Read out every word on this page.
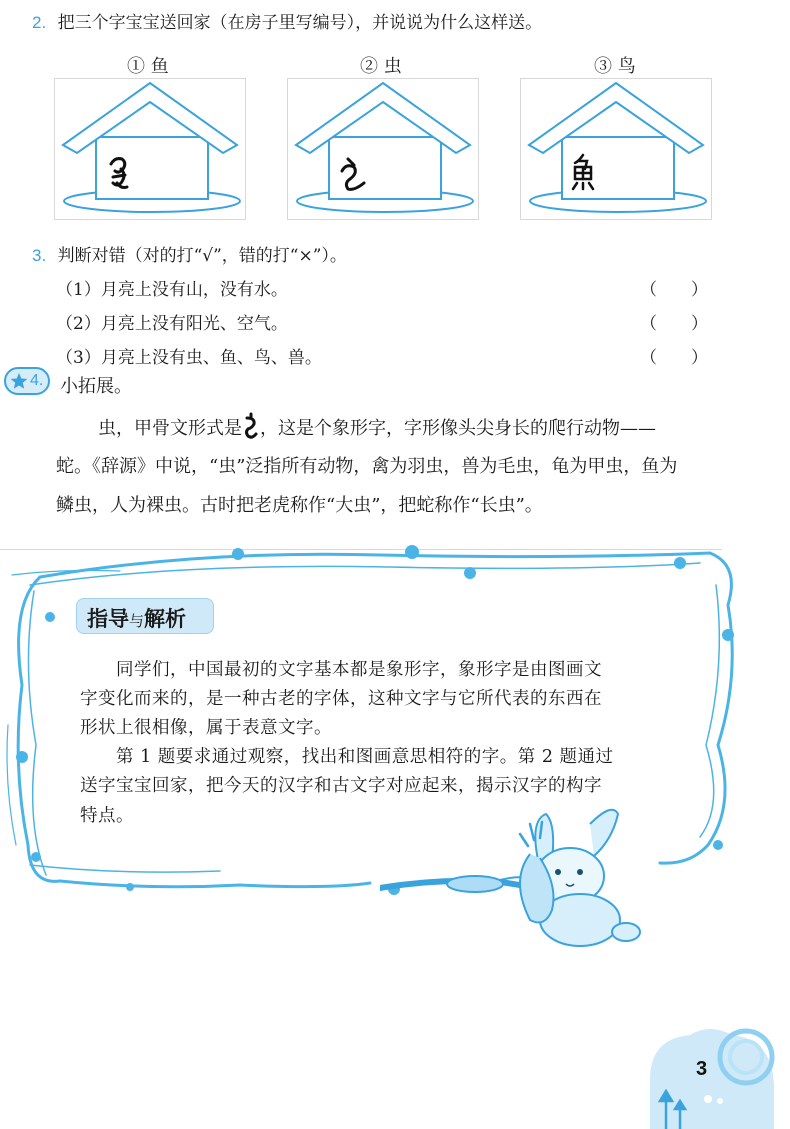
2. 把三个字宝宝送回家（在房子里写编号），并说说为什么这样送。
① 鱼	② 虫	③ 鸟
3. 判断对错（对的打“√”，错的打“×”）。
（1）月亮上没有山，没有水。	（　　）
（2）月亮上没有阳光、空气。	（　　）
（3）月亮上没有虫、鱼、鸟、兽。	（　　）
4. 小拓展。
虫，甲骨文形式是 ，这是个象形字，字形像头尖身长的爬行动物——
蛇。《辞源》中说，“虫”泛指所有动物，禽为羽虫，兽为毛虫，龟为甲虫，鱼为
鳞虫，人为裸虫。古时把老虎称作“大虫”，把蛇称作“长虫”。
指导与解析
同学们，中国最初的文字基本都是象形字，象形字是由图画文
字变化而来的，是一种古老的字体，这种文字与它所代表的东西在
形状上很相像，属于表意文字。
第 1 题要求通过观察，找出和图画意思相符的字。第 2 题通过
送字宝宝回家，把今天的汉字和古文字对应起来，揭示汉字的构字
特点。
3
